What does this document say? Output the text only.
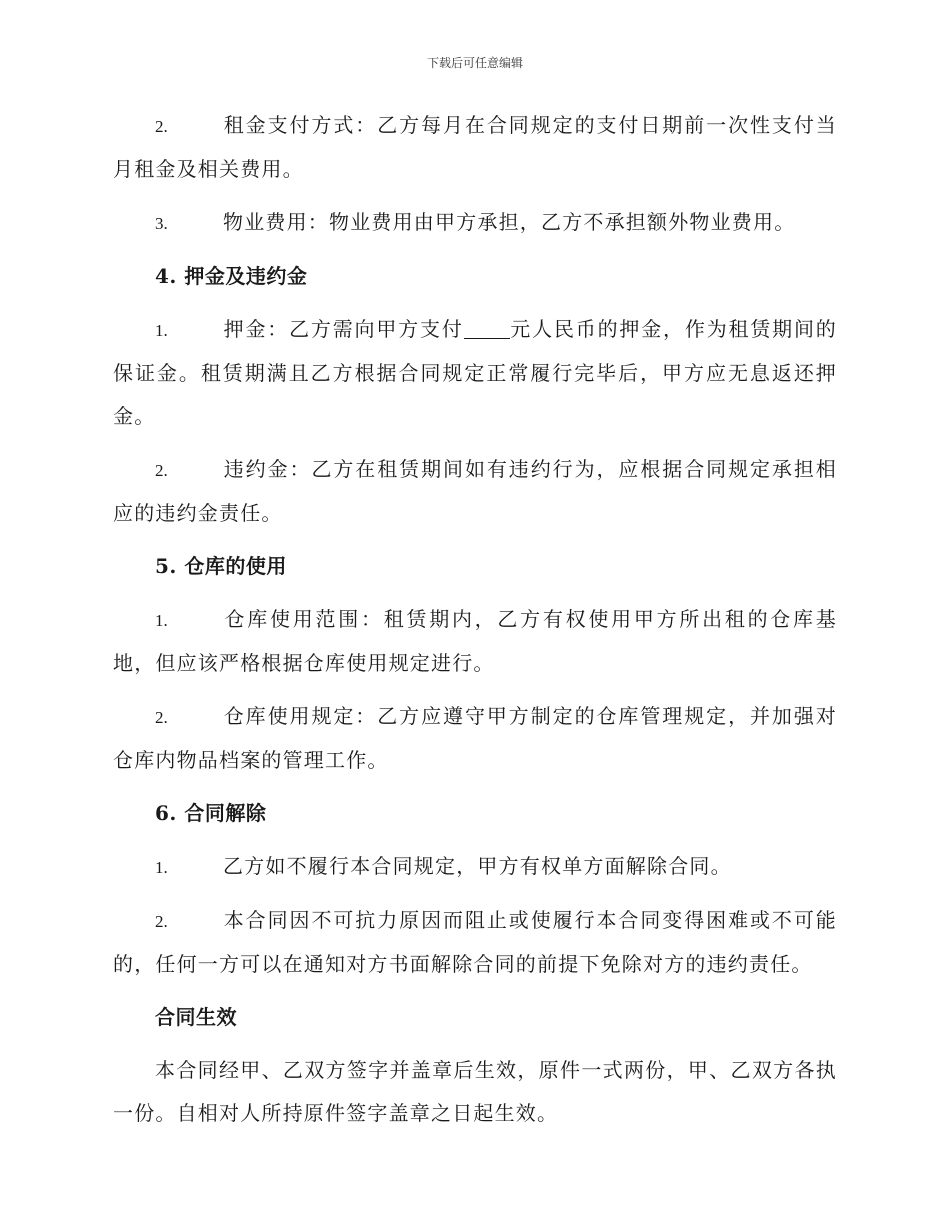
下载后可任意编辑

2.	租金支付方式：乙方每月在合同规定的支付日期前一次性支付当月租金及相关费用。

3.	物业费用：物业费用由甲方承担，乙方不承担额外物业费用。

4. 押金及违约金

1.	押金：乙方需向甲方支付 元人民币的押金，作为租赁期间的保证金。租赁期满且乙方根据合同规定正常履行完毕后，甲方应无息返还押金。

2.	违约金：乙方在租赁期间如有违约行为，应根据合同规定承担相应的违约金责任。

5. 仓库的使用

1.	仓库使用范围：租赁期内，乙方有权使用甲方所出租的仓库基地，但应该严格根据仓库使用规定进行。

2.	仓库使用规定：乙方应遵守甲方制定的仓库管理规定，并加强对仓库内物品档案的管理工作。

6. 合同解除

1.	乙方如不履行本合同规定，甲方有权单方面解除合同。

2.	本合同因不可抗力原因而阻止或使履行本合同变得困难或不可能的，任何一方可以在通知对方书面解除合同的前提下免除对方的违约责任。

合同生效

本合同经甲、乙双方签字并盖章后生效，原件一式两份，甲、乙双方各执一份。自相对人所持原件签字盖章之日起生效。
